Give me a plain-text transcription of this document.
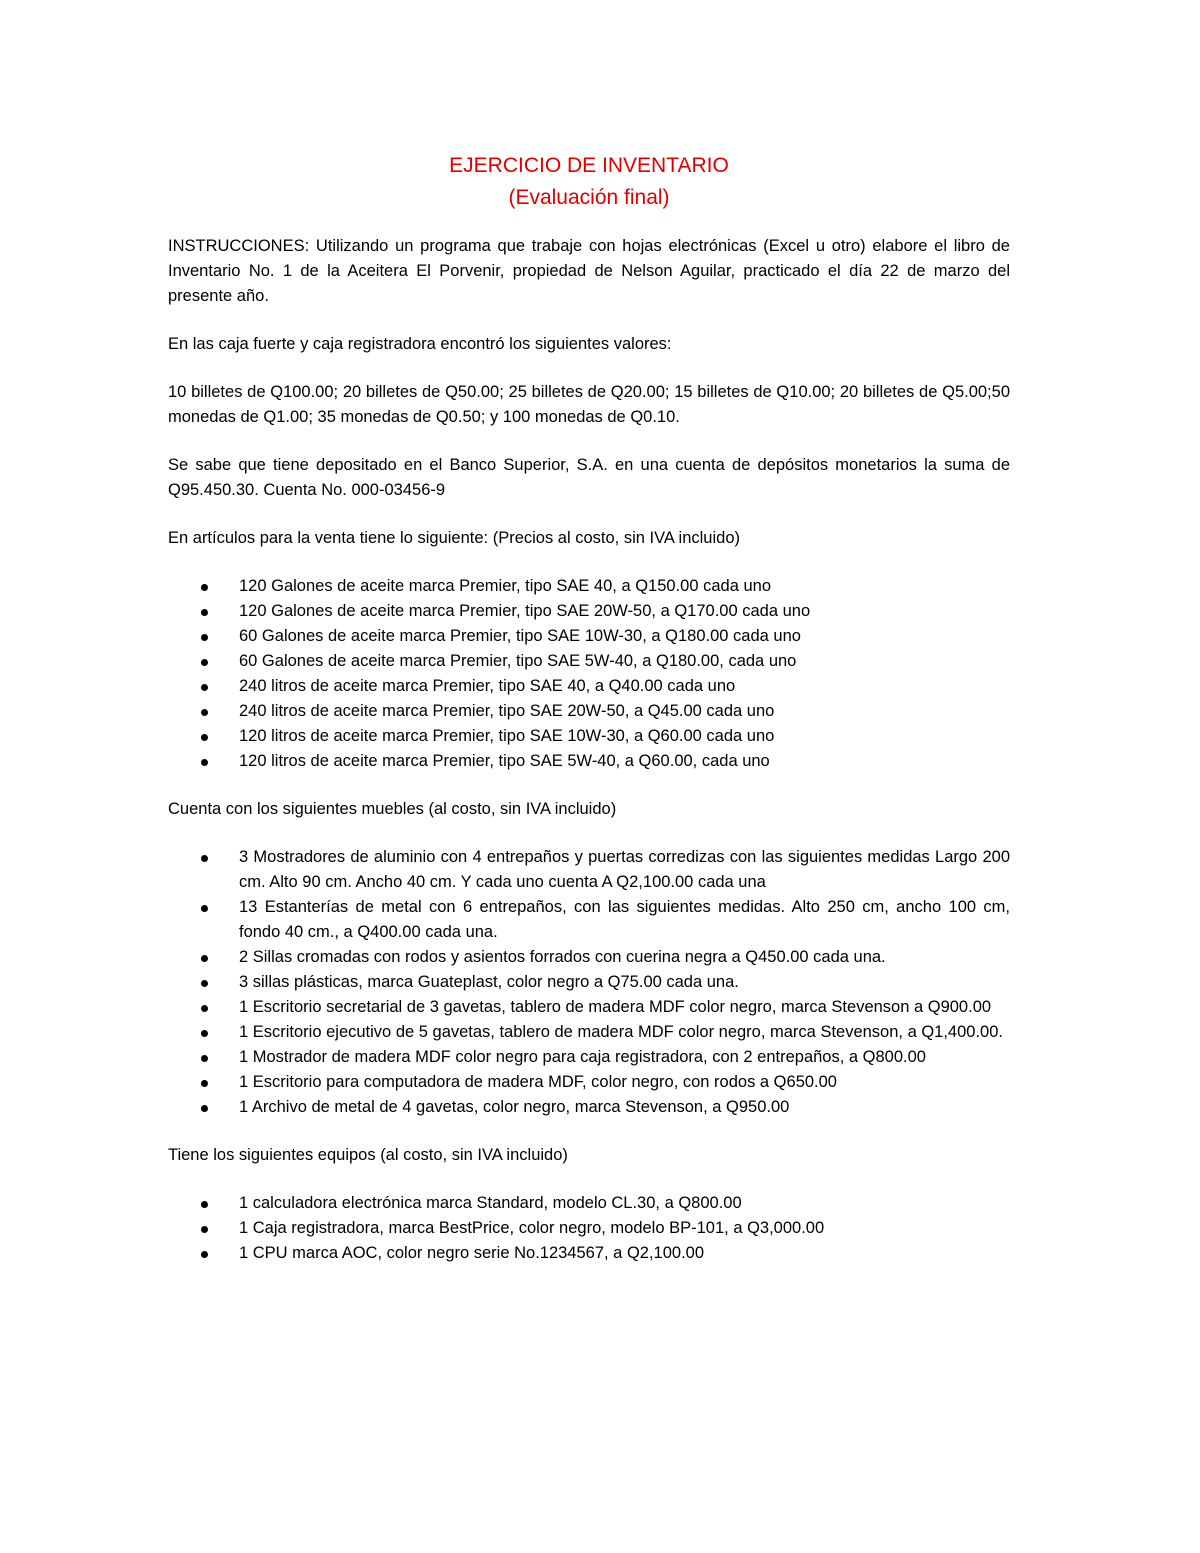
EJERCICIO DE INVENTARIO
(Evaluación final)

INSTRUCCIONES: Utilizando un programa que trabaje con hojas electrónicas (Excel u otro) elabore el libro de Inventario No. 1 de la Aceitera El Porvenir, propiedad de Nelson Aguilar, practicado el día 22 de marzo del presente año.

En las caja fuerte y caja registradora encontró los siguientes valores:

10 billetes de Q100.00; 20 billetes de Q50.00; 25 billetes de Q20.00; 15 billetes de Q10.00; 20 billetes de Q5.00;50 monedas de Q1.00; 35 monedas de Q0.50; y 100 monedas de Q0.10.

Se sabe que tiene depositado en el Banco Superior, S.A. en una cuenta de depósitos monetarios la suma de Q95.450.30. Cuenta No. 000-03456-9

En artículos para la venta tiene lo siguiente: (Precios al costo, sin IVA incluido)

120 Galones de aceite marca Premier, tipo SAE 40, a Q150.00 cada uno
120 Galones de aceite marca Premier, tipo SAE 20W-50, a Q170.00 cada uno
60 Galones de aceite marca Premier, tipo SAE 10W-30, a Q180.00 cada uno
60 Galones de aceite marca Premier, tipo SAE 5W-40, a Q180.00, cada uno
240 litros de aceite marca Premier, tipo SAE 40, a Q40.00 cada uno
240 litros de aceite marca Premier, tipo SAE 20W-50, a Q45.00 cada uno
120 litros de aceite marca Premier, tipo SAE 10W-30, a Q60.00 cada uno
120 litros de aceite marca Premier, tipo SAE 5W-40, a Q60.00, cada uno

Cuenta con los siguientes muebles (al costo, sin IVA incluido)

3 Mostradores de aluminio con 4 entrepaños y puertas corredizas con las siguientes medidas Largo 200 cm. Alto 90 cm. Ancho 40 cm. Y cada uno cuenta A Q2,100.00 cada una
13 Estanterías de metal con 6 entrepaños, con las siguientes medidas. Alto 250 cm, ancho 100 cm, fondo 40 cm., a Q400.00 cada una.
2 Sillas cromadas con rodos y asientos forrados con cuerina negra a Q450.00 cada una.
3 sillas plásticas, marca Guateplast, color negro a Q75.00 cada una.
1 Escritorio secretarial de 3 gavetas, tablero de madera MDF color negro, marca Stevenson a Q900.00
1 Escritorio ejecutivo de 5 gavetas, tablero de madera MDF color negro, marca Stevenson, a Q1,400.00.
1 Mostrador de madera MDF color negro para caja registradora, con 2 entrepaños, a Q800.00
1 Escritorio para computadora de madera MDF, color negro, con rodos a Q650.00
1 Archivo de metal de 4 gavetas, color negro, marca Stevenson, a Q950.00

Tiene los siguientes equipos (al costo, sin IVA incluido)

1 calculadora electrónica marca Standard, modelo CL.30, a Q800.00
1 Caja registradora, marca BestPrice, color negro, modelo BP-101, a Q3,000.00
1 CPU marca AOC, color negro serie No.1234567, a Q2,100.00
